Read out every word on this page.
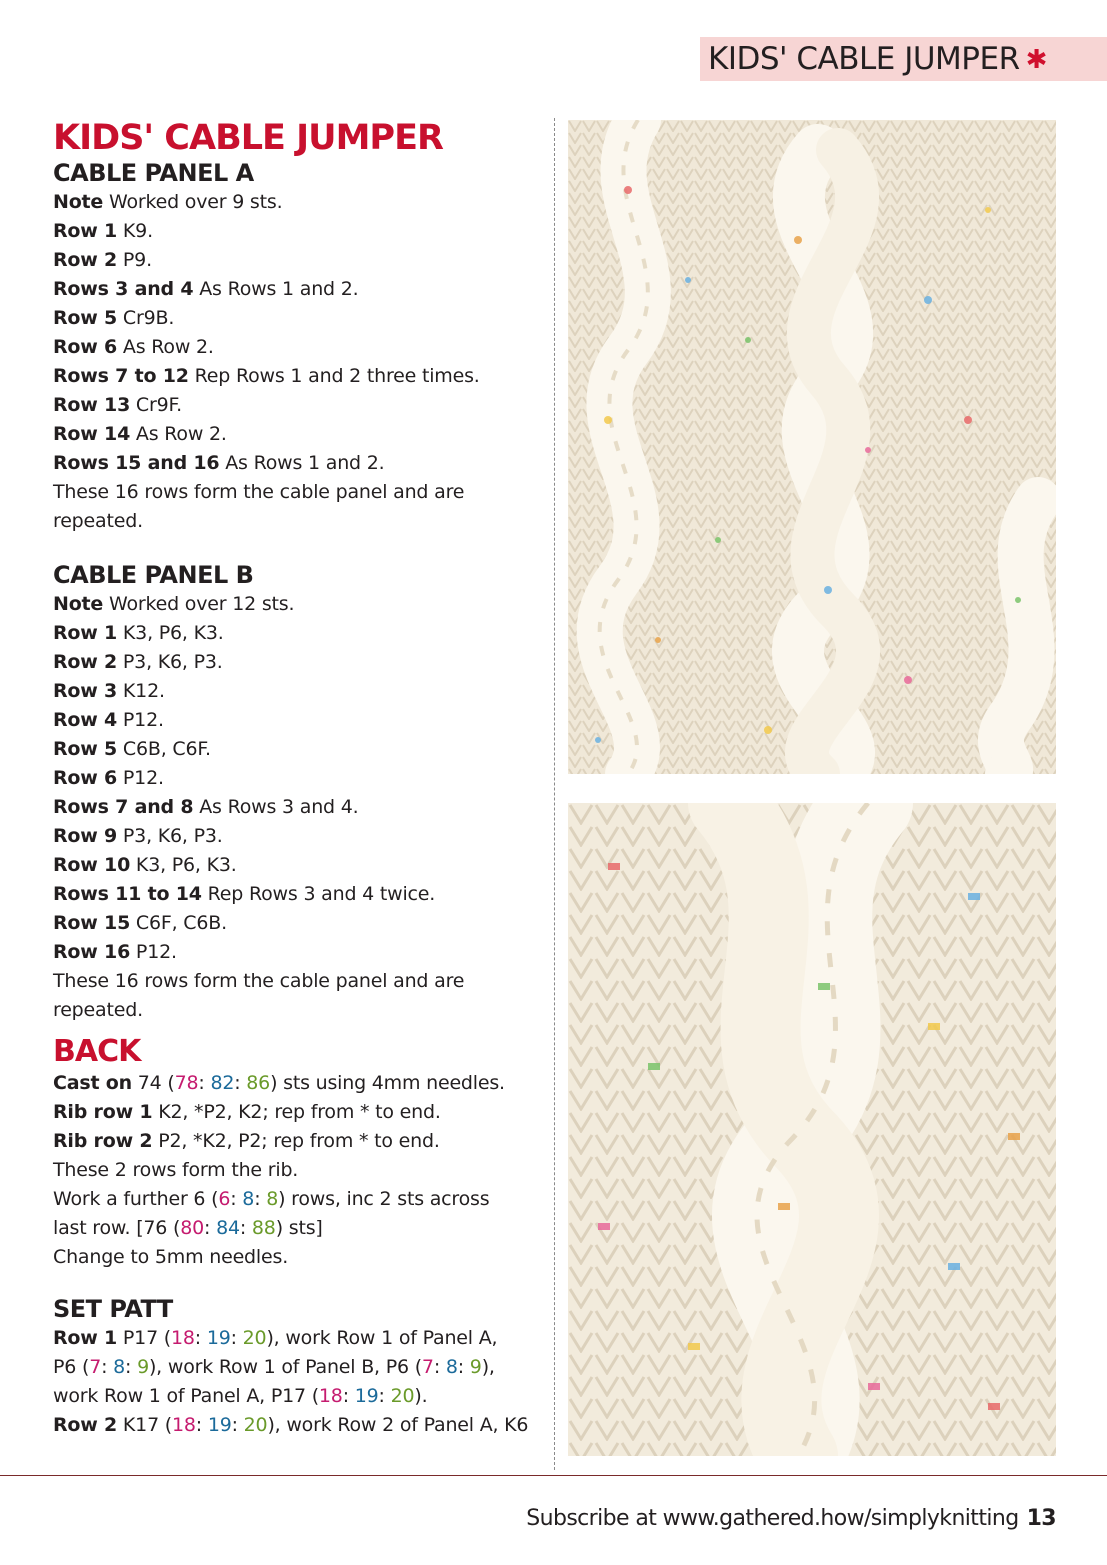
KIDS' CABLE JUMPER ✱
KIDS' CABLE JUMPER
CABLE PANEL A
Note Worked over 9 sts.
Row 1 K9.
Row 2 P9.
Rows 3 and 4 As Rows 1 and 2.
Row 5 Cr9B.
Row 6 As Row 2.
Rows 7 to 12 Rep Rows 1 and 2 three times.
Row 13 Cr9F.
Row 14 As Row 2.
Rows 15 and 16 As Rows 1 and 2.
These 16 rows form the cable panel and are
repeated.
CABLE PANEL B
Note Worked over 12 sts.
Row 1 K3, P6, K3.
Row 2 P3, K6, P3.
Row 3 K12.
Row 4 P12.
Row 5 C6B, C6F.
Row 6 P12.
Rows 7 and 8 As Rows 3 and 4.
Row 9 P3, K6, P3.
Row 10 K3, P6, K3.
Rows 11 to 14 Rep Rows 3 and 4 twice.
Row 15 C6F, C6B.
Row 16 P12.
These 16 rows form the cable panel and are
repeated.
BACK
Cast on 74 (78: 82: 86) sts using 4mm needles.
Rib row 1 K2, *P2, K2; rep from * to end.
Rib row 2 P2, *K2, P2; rep from * to end.
These 2 rows form the rib.
Work a further 6 (6: 8: 8) rows, inc 2 sts across
last row. [76 (80: 84: 88) sts]
Change to 5mm needles.
SET PATT
Row 1 P17 (18: 19: 20), work Row 1 of Panel A,
P6 (7: 8: 9), work Row 1 of Panel B, P6 (7: 8: 9),
work Row 1 of Panel A, P17 (18: 19: 20).
Row 2 K17 (18: 19: 20), work Row 2 of Panel A, K6
Subscribe at www.gathered.how/simplyknitting 13
